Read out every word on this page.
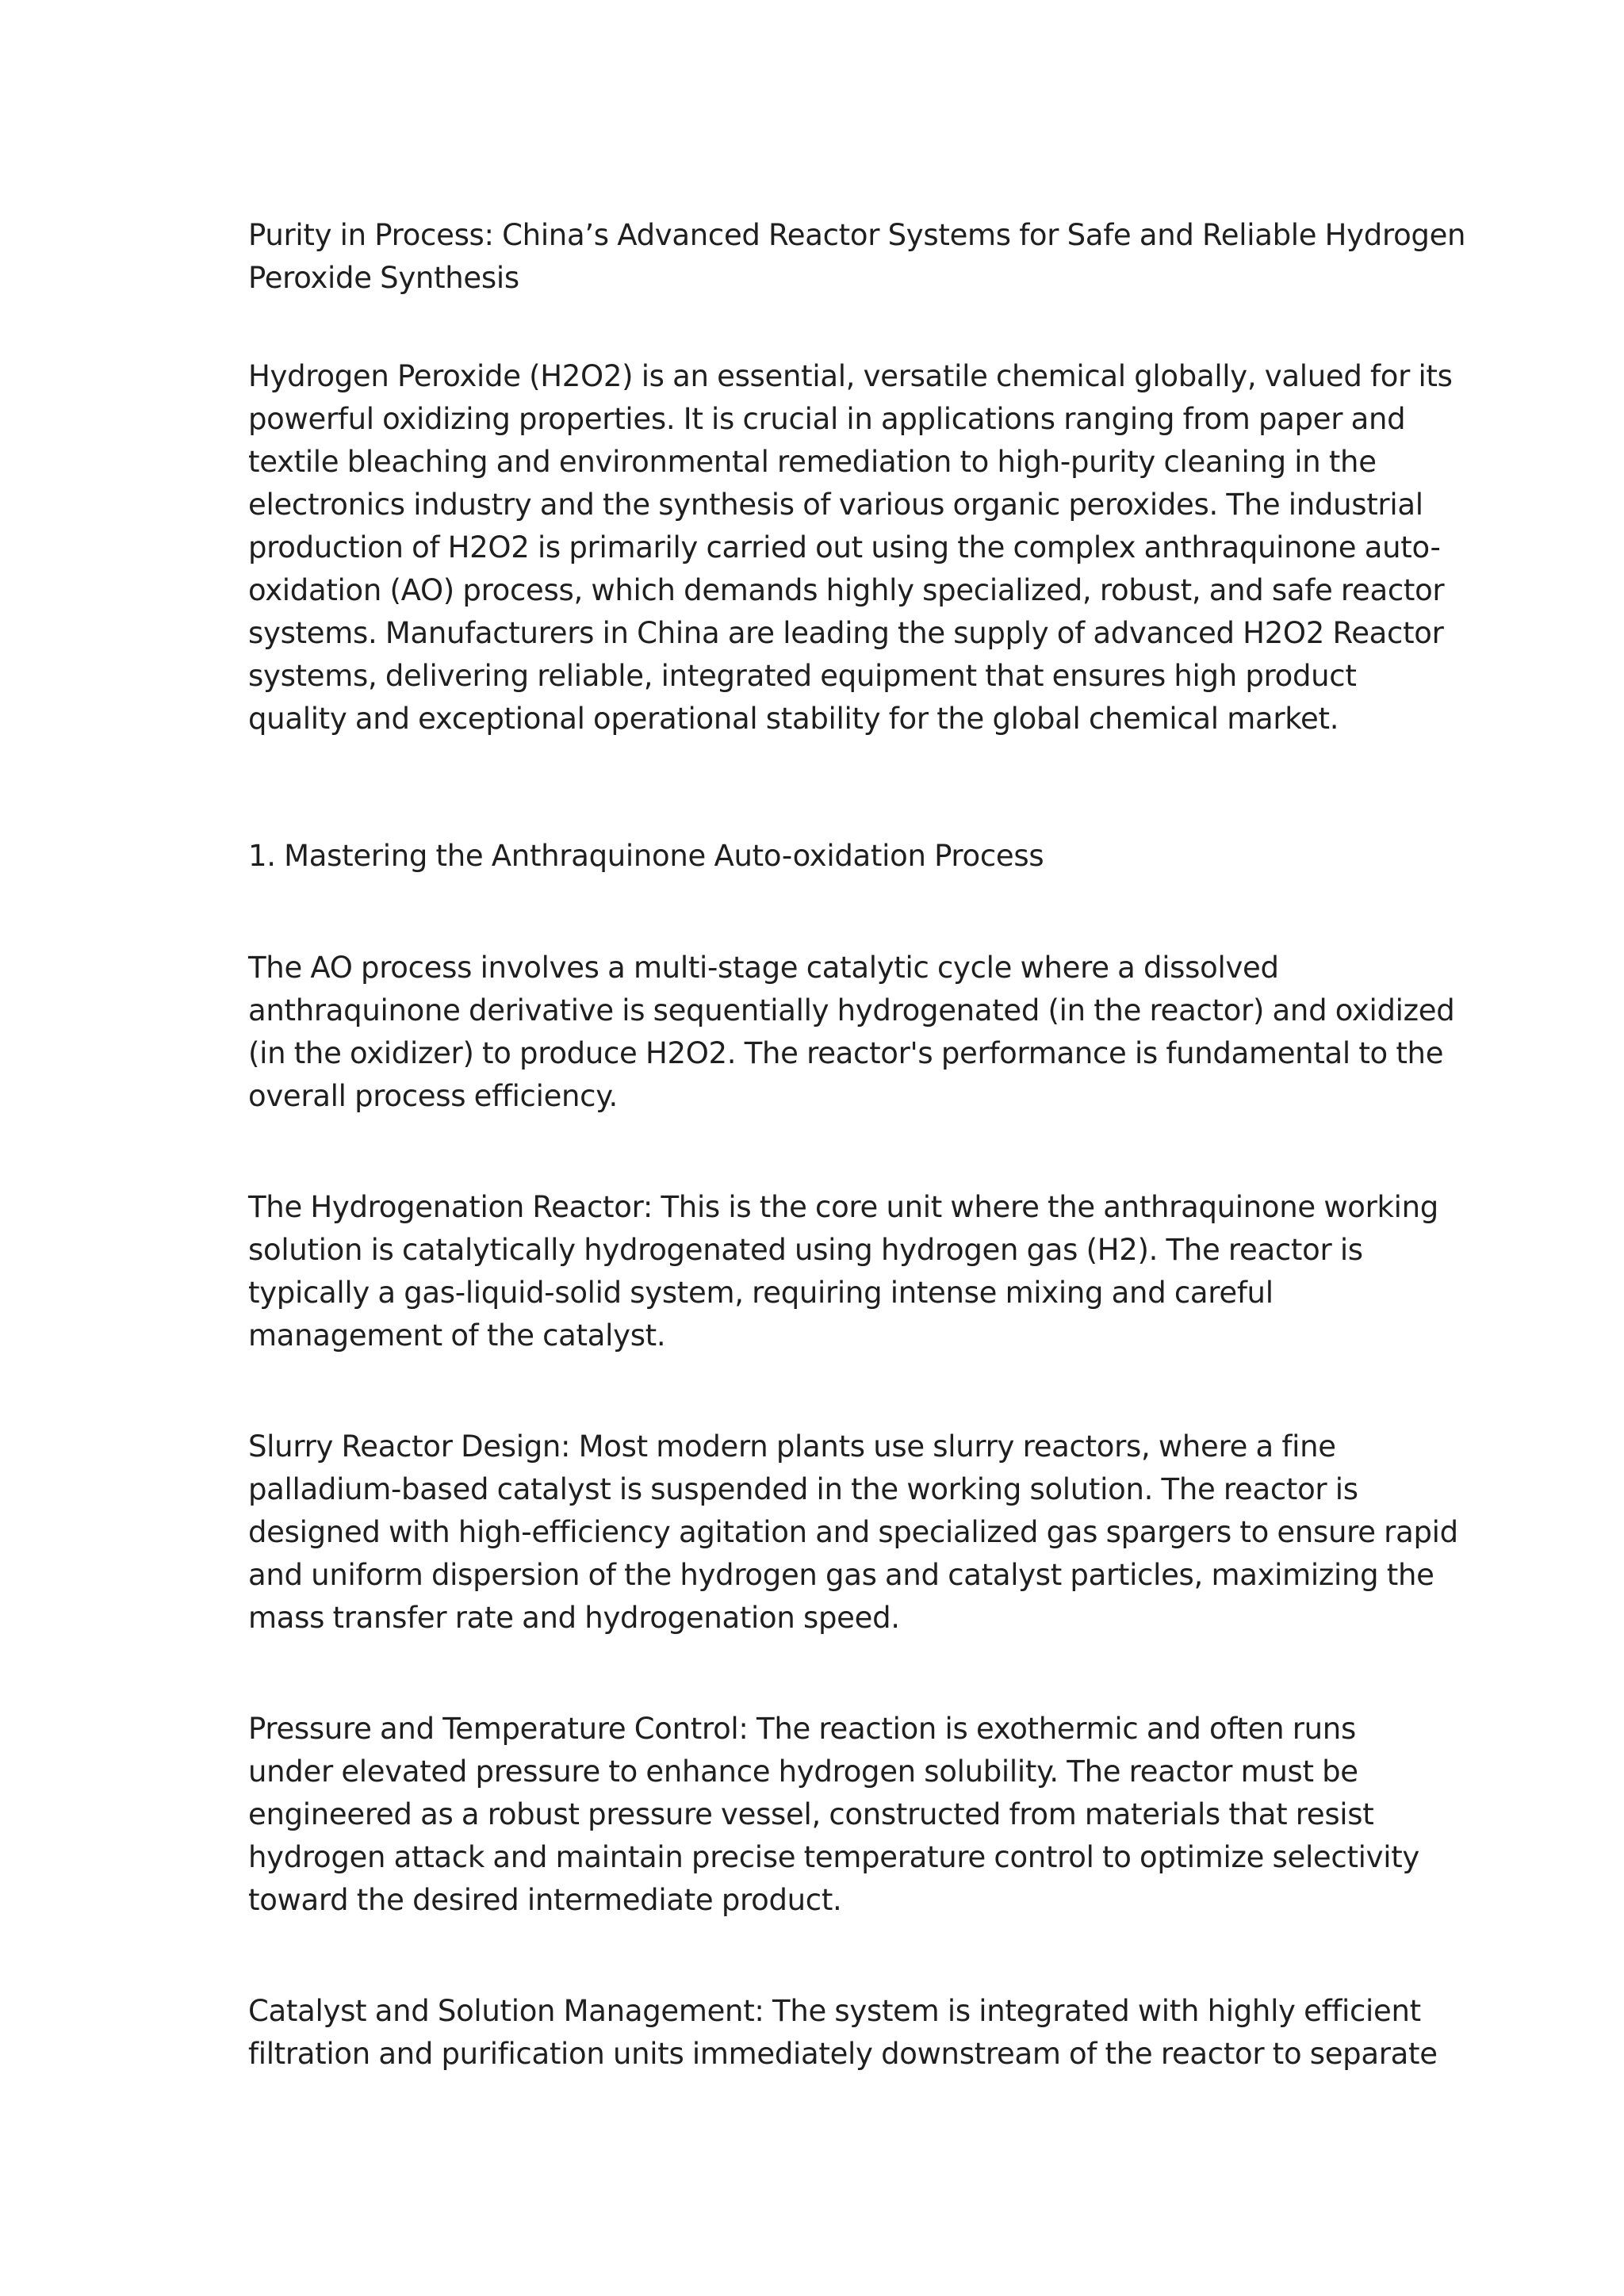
Purity in Process: China’s Advanced Reactor Systems for Safe and Reliable Hydrogen
Peroxide Synthesis
Hydrogen Peroxide (H2O2) is an essential, versatile chemical globally, valued for its
powerful oxidizing properties. It is crucial in applications ranging from paper and
textile bleaching and environmental remediation to high-purity cleaning in the
electronics industry and the synthesis of various organic peroxides. The industrial
production of H2O2 is primarily carried out using the complex anthraquinone auto-
oxidation (AO) process, which demands highly specialized, robust, and safe reactor
systems. Manufacturers in China are leading the supply of advanced H2O2 Reactor
systems, delivering reliable, integrated equipment that ensures high product
quality and exceptional operational stability for the global chemical market.
1. Mastering the Anthraquinone Auto-oxidation Process
The AO process involves a multi-stage catalytic cycle where a dissolved
anthraquinone derivative is sequentially hydrogenated (in the reactor) and oxidized
(in the oxidizer) to produce H2O2. The reactor's performance is fundamental to the
overall process efficiency.
The Hydrogenation Reactor: This is the core unit where the anthraquinone working
solution is catalytically hydrogenated using hydrogen gas (H2). The reactor is
typically a gas-liquid-solid system, requiring intense mixing and careful
management of the catalyst.
Slurry Reactor Design: Most modern plants use slurry reactors, where a fine
palladium-based catalyst is suspended in the working solution. The reactor is
designed with high-efficiency agitation and specialized gas spargers to ensure rapid
and uniform dispersion of the hydrogen gas and catalyst particles, maximizing the
mass transfer rate and hydrogenation speed.
Pressure and Temperature Control: The reaction is exothermic and often runs
under elevated pressure to enhance hydrogen solubility. The reactor must be
engineered as a robust pressure vessel, constructed from materials that resist
hydrogen attack and maintain precise temperature control to optimize selectivity
toward the desired intermediate product.
Catalyst and Solution Management: The system is integrated with highly efficient
filtration and purification units immediately downstream of the reactor to separate
